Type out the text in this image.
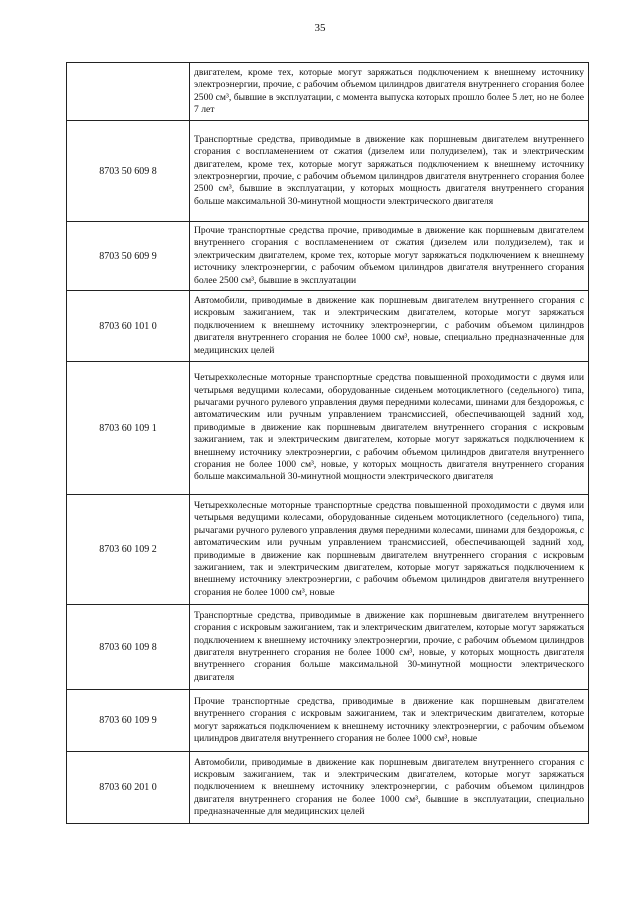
35
	двигателем, кроме тех, которые могут заряжаться подключением к внешнему источнику электроэнергии, прочие, с рабочим объемом цилиндров двигателя внутреннего сгорания более 2500 см³, бывшие в эксплуатации, с момента выпуска которых прошло более 5 лет, но не более 7 лет
8703 50 609 8	Транспортные средства, приводимые в движение как поршневым двигателем внутреннего сгорания с воспламенением от сжатия (дизелем или полудизелем), так и электрическим двигателем, кроме тех, которые могут заряжаться подключением к внешнему источнику электроэнергии, прочие, с рабочим объемом цилиндров двигателя внутреннего сгорания более 2500 см³, бывшие в эксплуатации, у которых мощность двигателя внутреннего сгорания больше максимальной 30-минутной мощности электрического двигателя
8703 50 609 9	Прочие транспортные средства прочие, приводимые в движение как поршневым двигателем внутреннего сгорания с воспламенением от сжатия (дизелем или полудизелем), так и электрическим двигателем, кроме тех, которые могут заряжаться подключением к внешнему источнику электроэнергии, с рабочим объемом цилиндров двигателя внутреннего сгорания более 2500 см³, бывшие в эксплуатации
8703 60 101 0	Автомобили, приводимые в движение как поршневым двигателем внутреннего сгорания с искровым зажиганием, так и электрическим двигателем, которые могут заряжаться подключением к внешнему источнику электроэнергии, с рабочим объемом цилиндров двигателя внутреннего сгорания не более 1000 см³, новые, специально предназначенные для медицинских целей
8703 60 109 1	Четырехколесные моторные транспортные средства повышенной проходимости с двумя или четырьмя ведущими колесами, оборудованные сиденьем мотоциклетного (седельного) типа, рычагами ручного рулевого управления двумя передними колесами, шинами для бездорожья, с автоматическим или ручным управлением трансмиссией, обеспечивающей задний ход, приводимые в движение как поршневым двигателем внутреннего сгорания с искровым зажиганием, так и электрическим двигателем, которые могут заряжаться подключением к внешнему источнику электроэнергии, с рабочим объемом цилиндров двигателя внутреннего сгорания не более 1000 см³, новые, у которых мощность двигателя внутреннего сгорания больше максимальной 30-минутной мощности электрического двигателя
8703 60 109 2	Четырехколесные моторные транспортные средства повышенной проходимости с двумя или четырьмя ведущими колесами, оборудованные сиденьем мотоциклетного (седельного) типа, рычагами ручного рулевого управления двумя передними колесами, шинами для бездорожья, с автоматическим или ручным управлением трансмиссией, обеспечивающей задний ход, приводимые в движение как поршневым двигателем внутреннего сгорания с искровым зажиганием, так и электрическим двигателем, которые могут заряжаться подключением к внешнему источнику электроэнергии, с рабочим объемом цилиндров двигателя внутреннего сгорания не более 1000 см³, новые
8703 60 109 8	Транспортные средства, приводимые в движение как поршневым двигателем внутреннего сгорания с искровым зажиганием, так и электрическим двигателем, которые могут заряжаться подключением к внешнему источнику электроэнергии, прочие, с рабочим объемом цилиндров двигателя внутреннего сгорания не более 1000 см³, новые, у которых мощность двигателя внутреннего сгорания больше максимальной 30-минутной мощности электрического двигателя
8703 60 109 9	Прочие транспортные средства, приводимые в движение как поршневым двигателем внутреннего сгорания с искровым зажиганием, так и электрическим двигателем, которые могут заряжаться подключением к внешнему источнику электроэнергии, с рабочим объемом цилиндров двигателя внутреннего сгорания не более 1000 см³, новые
8703 60 201 0	Автомобили, приводимые в движение как поршневым двигателем внутреннего сгорания с искровым зажиганием, так и электрическим двигателем, которые могут заряжаться подключением к внешнему источнику электроэнергии, с рабочим объемом цилиндров двигателя внутреннего сгорания не более 1000 см³, бывшие в эксплуатации, специально предназначенные для медицинских целей
